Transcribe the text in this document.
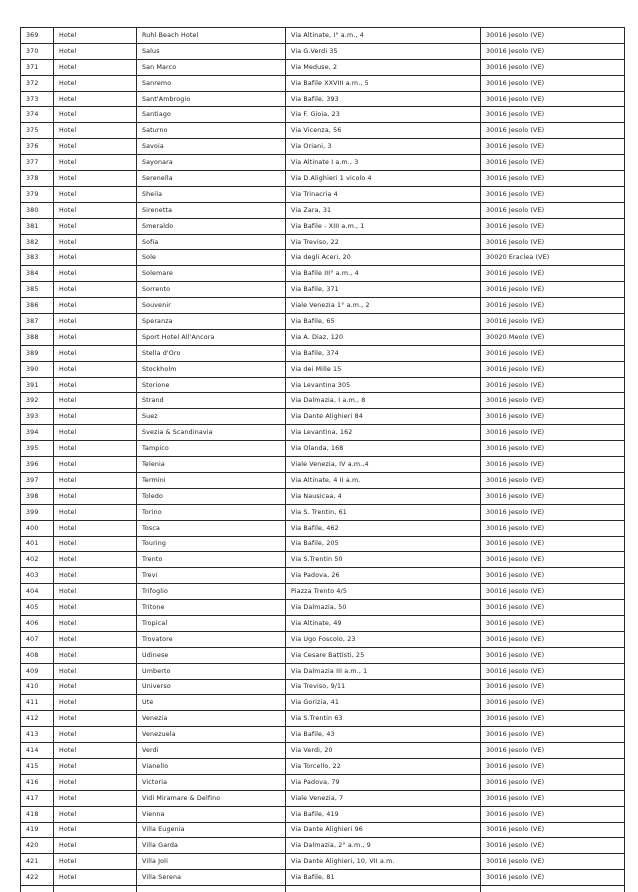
369	Hotel	Ruhl Beach Hotel	Via Altinate, I° a.m., 4	30016 Jesolo (VE)
370	Hotel	Salus	Via G.Verdi 35	30016 Jesolo (VE)
371	Hotel	San Marco	Via Meduse, 2	30016 Jesolo (VE)
372	Hotel	Sanremo	Via Bafile XXVIII a.m., 5	30016 Jesolo (VE)
373	Hotel	Sant'Ambrogio	Via Bafile, 393	30016 Jesolo (VE)
374	Hotel	Santiago	Via F. Gioia, 23	30016 Jesolo (VE)
375	Hotel	Saturno	Via Vicenza, 56	30016 Jesolo (VE)
376	Hotel	Savoia	Via Oriani, 3	30016 Jesolo (VE)
377	Hotel	Sayonara	Via Altinate I a.m., 3	30016 Jesolo (VE)
378	Hotel	Serenella	Via D.Alighieri 1 vicolo 4	30016 Jesolo (VE)
379	Hotel	Sheila	Via Trinacria 4	30016 Jesolo (VE)
380	Hotel	Sirenetta	Via Zara, 31	30016 Jesolo (VE)
381	Hotel	Smeraldo	Via Bafile - XIII a.m., 1	30016 Jesolo (VE)
382	Hotel	Sofia	Via Treviso, 22	30016 Jesolo (VE)
383	Hotel	Sole	Via degli Aceri, 20	30020 Eraclea (VE)
384	Hotel	Solemare	Via Bafile III° a.m., 4	30016 Jesolo (VE)
385	Hotel	Sorrento	Via Bafile, 371	30016 Jesolo (VE)
386	Hotel	Souvenir	Viale Venezia 1° a.m., 2	30016 Jesolo (VE)
387	Hotel	Speranza	Via Bafile, 65	30016 Jesolo (VE)
388	Hotel	Sport Hotel All'Ancora	Via A. Diaz, 120	30020 Meolo (VE)
389	Hotel	Stella d'Oro	Via Bafile, 374	30016 Jesolo (VE)
390	Hotel	Stockholm	Via dei Mille 15	30016 Jesolo (VE)
391	Hotel	Storione	Via Levantina 305	30016 Jesolo (VE)
392	Hotel	Strand	Via Dalmazia, I a.m., 8	30016 Jesolo (VE)
393	Hotel	Suez	Via Dante Alighieri 84	30016 Jesolo (VE)
394	Hotel	Svezia & Scandinavia	Via Levantina, 162	30016 Jesolo (VE)
395	Hotel	Tampico	Via Olanda, 168	30016 Jesolo (VE)
396	Hotel	Telenia	Viale Venezia, IV a.m.,4	30016 Jesolo (VE)
397	Hotel	Termini	Via Altinate, 4 II a.m.	30016 Jesolo (VE)
398	Hotel	Toledo	Via Nausicaa, 4	30016 Jesolo (VE)
399	Hotel	Torino	Via S. Trentin, 61	30016 Jesolo (VE)
400	Hotel	Tosca	Via Bafile, 462	30016 Jesolo (VE)
401	Hotel	Touring	Via Bafile, 205	30016 Jesolo (VE)
402	Hotel	Trento	Via S.Trentin 50	30016 Jesolo (VE)
403	Hotel	Trevi	Via Padova, 26	30016 Jesolo (VE)
404	Hotel	Trifoglio	Piazza Trento 4/5	30016 Jesolo (VE)
405	Hotel	Tritone	Via Dalmazia, 50	30016 Jesolo (VE)
406	Hotel	Tropical	Via Altinate, 49	30016 Jesolo (VE)
407	Hotel	Trovatore	Via Ugo Foscolo, 23	30016 Jesolo (VE)
408	Hotel	Udinese	Via Cesare Battisti, 25	30016 Jesolo (VE)
409	Hotel	Umberto	Via Dalmazia III a.m., 1	30016 Jesolo (VE)
410	Hotel	Universo	Via Treviso, 9/11	30016 Jesolo (VE)
411	Hotel	Ute	Via Gorizia, 41	30016 Jesolo (VE)
412	Hotel	Venezia	Via S.Trentin 63	30016 Jesolo (VE)
413	Hotel	Venezuela	Via Bafile, 43	30016 Jesolo (VE)
414	Hotel	Verdi	Via Verdi, 20	30016 Jesolo (VE)
415	Hotel	Vianello	Via Torcello, 22	30016 Jesolo (VE)
416	Hotel	Victoria	Via Padova, 79	30016 Jesolo (VE)
417	Hotel	Vidi Miramare & Delfino	Viale Venezia, 7	30016 Jesolo (VE)
418	Hotel	Vienna	Via Bafile, 419	30016 Jesolo (VE)
419	Hotel	Villa Eugenia	Via Dante Alighieri 96	30016 Jesolo (VE)
420	Hotel	Villa Garda	Via Dalmazia, 2° a.m., 9	30016 Jesolo (VE)
421	Hotel	Villa Joli	Via Dante Alighieri, 10, VII a.m.	30016 Jesolo (VE)
422	Hotel	Villa Serena	Via Bafile, 81	30016 Jesolo (VE)
